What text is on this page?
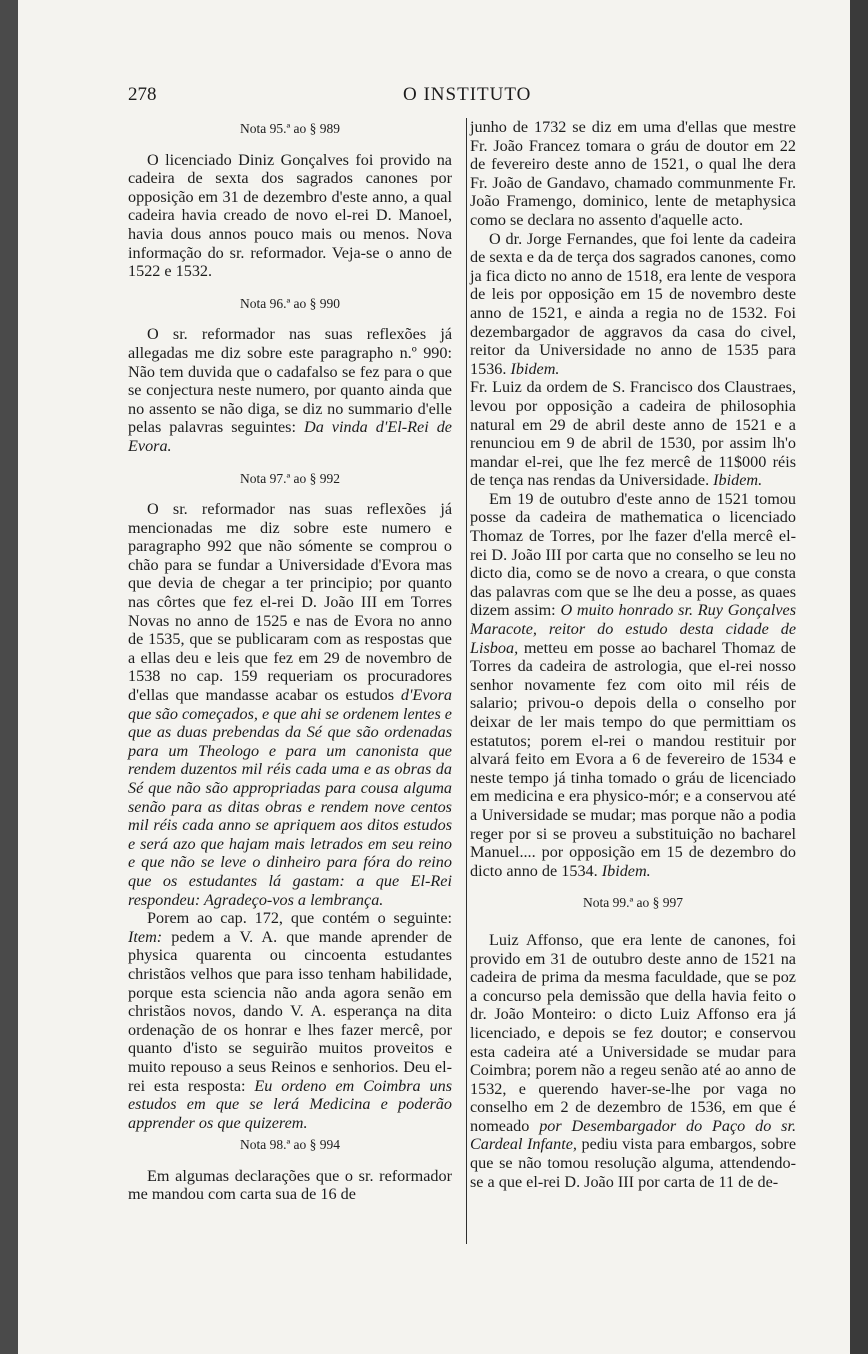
278	O INSTITUTO

Nota 95.ª ao § 989

O licenciado Diniz Gonçalves foi provido na cadeira de sexta dos sagrados canones por opposição em 31 de dezembro d'este anno, a qual cadeira havia creado de novo el-rei D. Manoel, havia dous annos pouco mais ou menos. Nova informação do sr. reformador. Veja-se o anno de 1522 e 1532.

Nota 96.ª ao § 990

O sr. reformador nas suas reflexões já allegadas me diz sobre este paragrapho n.º 990: Não tem duvida que o cadafalso se fez para o que se conjectura neste numero, por quanto ainda que no assento se não diga, se diz no summario d'elle pelas palavras seguintes: Da vinda d'El-Rei de Evora.

Nota 97.ª ao § 992

O sr. reformador nas suas reflexões já mencionadas me diz sobre este numero e paragrapho 992 que não sómente se comprou o chão para se fundar a Universidade d'Evora mas que devia de chegar a ter principio; por quanto nas côrtes que fez el-rei D. João III em Torres Novas no anno de 1525 e nas de Evora no anno de 1535, que se publicaram com as respostas que a ellas deu e leis que fez em 29 de novembro de 1538 no cap. 159 requeriam os procuradores d'ellas que mandasse acabar os estudos d'Evora que são começados, e que ahi se ordenem lentes e que as duas prebendas da Sé que são ordenadas para um Theologo e para um canonista que rendem duzentos mil réis cada uma e as obras da Sé que não são appropriadas para cousa alguma senão para as ditas obras e rendem nove centos mil réis cada anno se apriquem aos ditos estudos e será azo que hajam mais letrados em seu reino e que não se leve o dinheiro para fóra do reino que os estudantes lá gastam: a que El-Rei respondeu: Agradeço-vos a lembrança.

Porem ao cap. 172, que contém o seguinte: Item: pedem a V. A. que mande aprender de physica quarenta ou cincoenta estudantes christãos velhos que para isso tenham habilidade, porque esta sciencia não anda agora senão em christãos novos, dando V. A. esperança na dita ordenação de os honrar e lhes fazer mercê, por quanto d'isto se seguirão muitos proveitos e muito repouso a seus Reinos e senhorios. Deu el-rei esta resposta: Eu ordeno em Coimbra uns estudos em que se lerá Medicina e poderão apprender os que quizerem.

Nota 98.ª ao § 994

Em algumas declarações que o sr. reformador me mandou com carta sua de 16 de

junho de 1732 se diz em uma d'ellas que mestre Fr. João Francez tomara o gráu de doutor em 22 de fevereiro deste anno de 1521, o qual lhe dera Fr. João de Gandavo, chamado communmente Fr. João Framengo, dominico, lente de metaphysica como se declara no assento d'aquelle acto.

O dr. Jorge Fernandes, que foi lente da cadeira de sexta e da de terça dos sagrados canones, como ja fica dicto no anno de 1518, era lente de vespora de leis por opposição em 15 de novembro deste anno de 1521, e ainda a regia no de 1532. Foi dezembargador de aggravos da casa do civel, reitor da Universidade no anno de 1535 para 1536. Ibidem.

Fr. Luiz da ordem de S. Francisco dos Claustraes, levou por opposição a cadeira de philosophia natural em 29 de abril deste anno de 1521 e a renunciou em 9 de abril de 1530, por assim lh'o mandar el-rei, que lhe fez mercê de 11$000 réis de tença nas rendas da Universidade. Ibidem.

Em 19 de outubro d'este anno de 1521 tomou posse da cadeira de mathematica o licenciado Thomaz de Torres, por lhe fazer d'ella mercê el-rei D. João III por carta que no conselho se leu no dicto dia, como se de novo a creara, o que consta das palavras com que se lhe deu a posse, as quaes dizem assim: O muito honrado sr. Ruy Gonçalves Maracote, reitor do estudo desta cidade de Lisboa, metteu em posse ao bacharel Thomaz de Torres da cadeira de astrologia, que el-rei nosso senhor novamente fez com oito mil réis de salario; privou-o depois della o conselho por deixar de ler mais tempo do que permittiam os estatutos; porem el-rei o mandou restituir por alvará feito em Evora a 6 de fevereiro de 1534 e neste tempo já tinha tomado o gráu de licenciado em medicina e era physico-mór; e a conservou até a Universidade se mudar; mas porque não a podia reger por si se proveu a substituição no bacharel Manuel.... por opposição em 15 de dezembro do dicto anno de 1534. Ibidem.

Nota 99.ª ao § 997

Luiz Affonso, que era lente de canones, foi provido em 31 de outubro deste anno de 1521 na cadeira de prima da mesma faculdade, que se poz a concurso pela demissão que della havia feito o dr. João Monteiro: o dicto Luiz Affonso era já licenciado, e depois se fez doutor; e conservou esta cadeira até a Universidade se mudar para Coimbra; porem não a regeu senão até ao anno de 1532, e querendo haver-se-lhe por vaga no conselho em 2 de dezembro de 1536, em que é nomeado por Desembargador do Paço do sr. Cardeal Infante, pediu vista para embargos, sobre que se não tomou resolução alguma, attendendo-se a que el-rei D. João III por carta de 11 de de-
